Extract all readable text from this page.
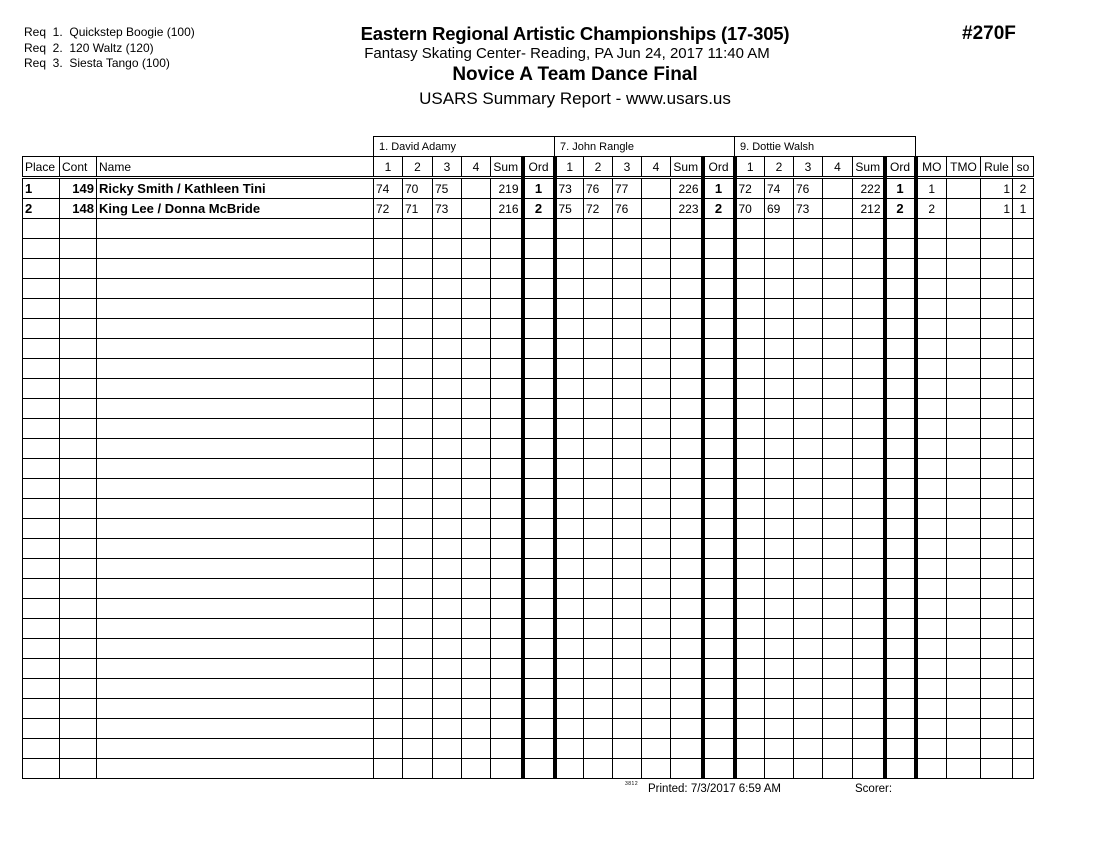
Req  1.  Quickstep Boogie (100)
Req  2.  120 Waltz (120)
Req  3.  Siesta Tango (100)
Eastern Regional Artistic Championships (17-305)
Fantasy Skating Center- Reading, PA Jun 24, 2017 11:40 AM
Novice A Team Dance Final
USARS Summary Report - www.usars.us
#270F
			1. David Adamy						7. John Rangle						9. Dottie Walsh									
Place	Cont	Name	1	2	3	4	Sum	Ord	1	2	3	4	Sum	Ord	1	2	3	4	Sum	Ord	MO	TMO	Rule	so
1	149	Ricky Smith / Kathleen Tini	74	70	75		219	1	73	76	77		226	1	72	74	76		222	1	1		1	2
2	148	King Lee / Donna McBride	72	71	73		216	2	75	72	76		223	2	70	69	73		212	2	2		1	1

3812 Printed: 7/3/2017 6:59 AM	Scorer:
